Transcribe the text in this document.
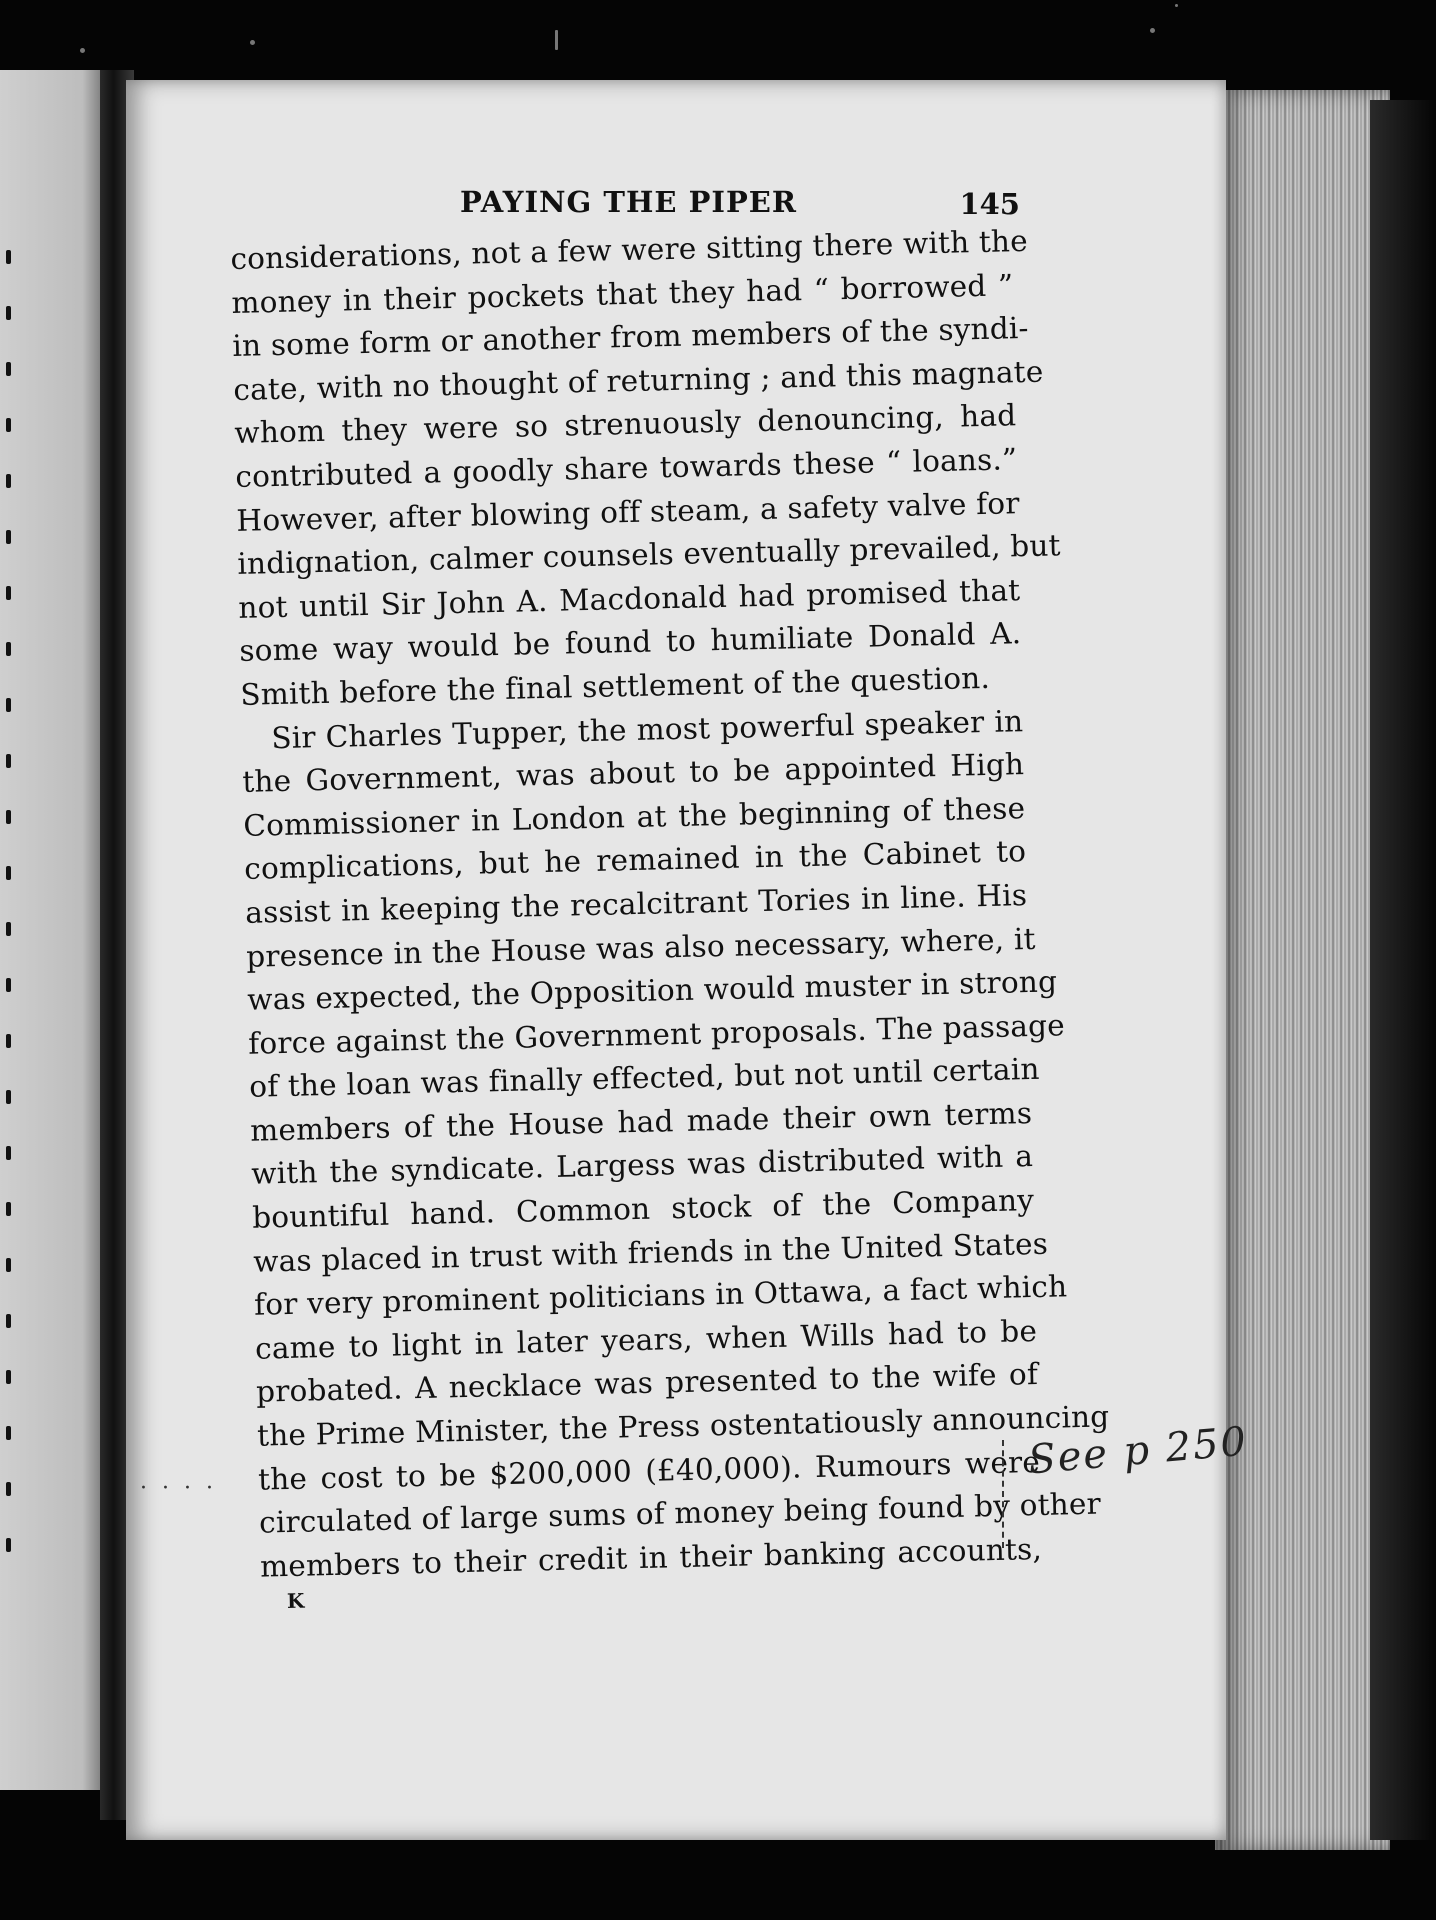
PAYING THE PIPER	145
considerations, not a few were sitting there with the
money in their pockets that they had “ borrowed ”
in some form or another from members of the syndi-
cate, with no thought of returning ; and this magnate
whom they were so strenuously denouncing, had
contributed a goodly share towards these “ loans.”
However, after blowing off steam, a safety valve for
indignation, calmer counsels eventually prevailed, but
not until Sir John A. Macdonald had promised that
some way would be found to humiliate Donald A.
Smith before the final settlement of the question.
Sir Charles Tupper, the most powerful speaker in
the Government, was about to be appointed High
Commissioner in London at the beginning of these
complications, but he remained in the Cabinet to
assist in keeping the recalcitrant Tories in line. His
presence in the House was also necessary, where, it
was expected, the Opposition would muster in strong
force against the Government proposals. The passage
of the loan was finally effected, but not until certain
members of the House had made their own terms
with the syndicate. Largess was distributed with a
bountiful hand. Common stock of the Company
was placed in trust with friends in the United States
for very prominent politicians in Ottawa, a fact which
came to light in later years, when Wills had to be
probated. A necklace was presented to the wife of
the Prime Minister, the Press ostentatiously announcing
the cost to be $200,000 (£40,000). Rumours were
circulated of large sums of money being found by other
members to their credit in their banking accounts,
K
· · · ·
See p 250
